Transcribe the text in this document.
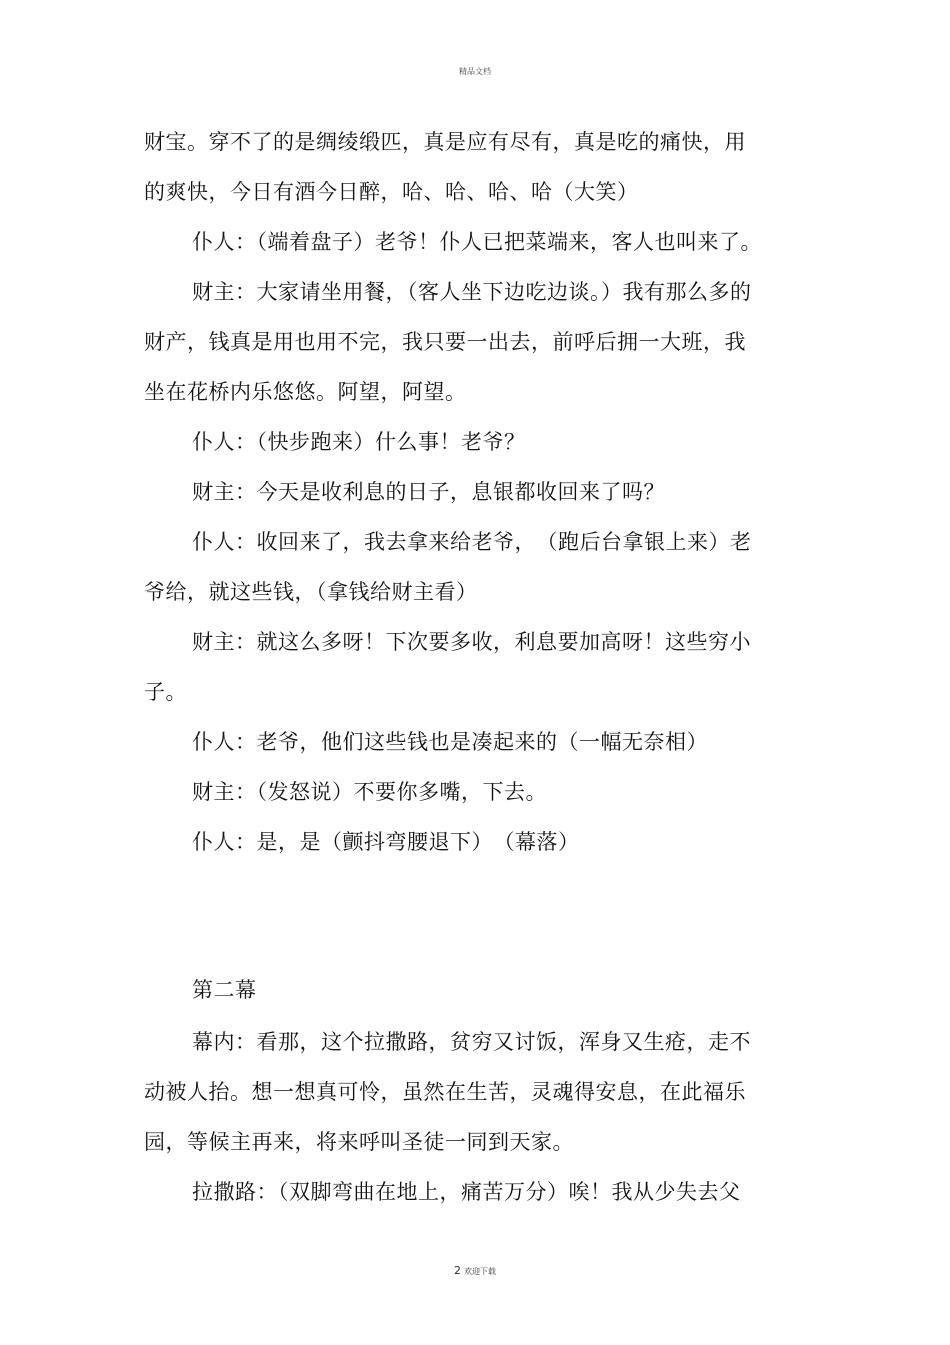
精品文档
财宝。穿不了的是绸绫缎匹，真是应有尽有，真是吃的痛快，用
的爽快，今日有酒今日醉，哈、哈、哈、哈（大笑）
仆人：（端着盘子）老爷！仆人已把菜端来，客人也叫来了。
财主：大家请坐用餐，（客人坐下边吃边谈。）我有那么多的
财产，钱真是用也用不完，我只要一出去，前呼后拥一大班，我
坐在花桥内乐悠悠。阿望，阿望。
仆人：（快步跑来）什么事！老爷？
财主：今天是收利息的日子，息银都收回来了吗？
仆人：收回来了，我去拿来给老爷，　（跑后台拿银上来）老
爷给，就这些钱，（拿钱给财主看）
财主：就这么多呀！下次要多收，利息要加高呀！这些穷小
子。
仆人：老爷，他们这些钱也是凑起来的（一幅无奈相）
财主：（发怒说）不要你多嘴，下去。
仆人：是，是（颤抖弯腰退下）　（幕落）
第二幕
幕内：看那，这个拉撒路，贫穷又讨饭，浑身又生疮，走不
动被人抬。想一想真可怜，虽然在生苦，灵魂得安息，在此福乐
园，等候主再来，将来呼叫圣徒一同到天家。
拉撒路：（双脚弯曲在地上，痛苦万分）唉！我从少失去父
2 欢迎下载
